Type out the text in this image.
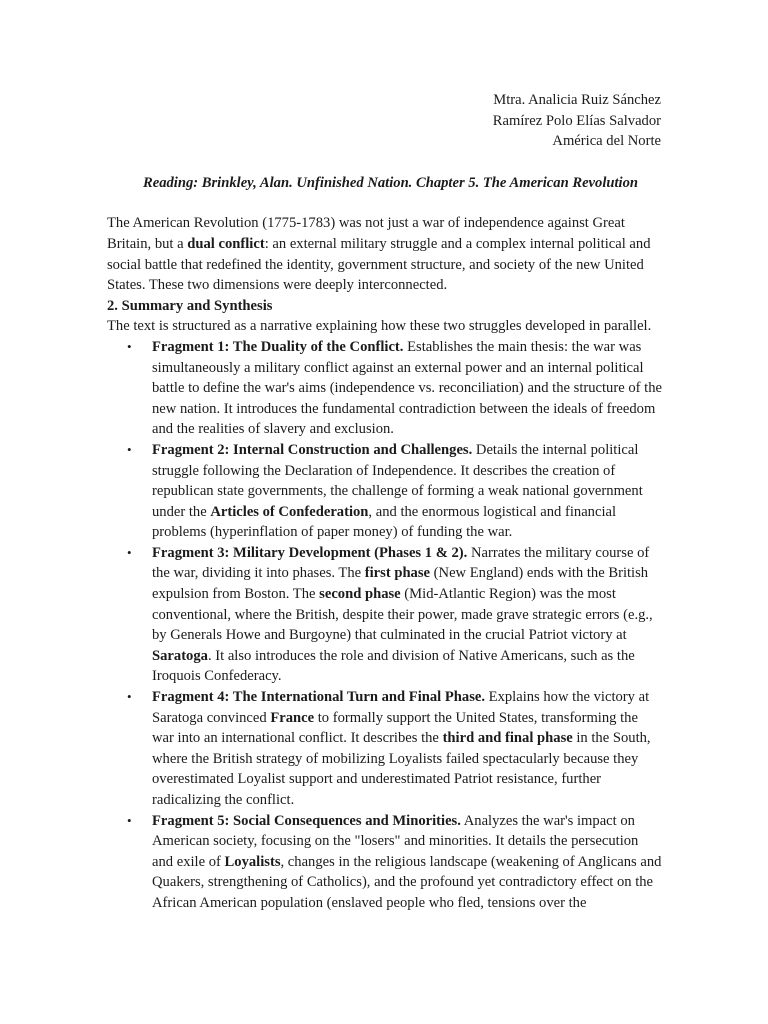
Mtra. Analicia Ruiz Sánchez
Ramírez Polo Elías Salvador
América del Norte
Reading: Brinkley, Alan. Unfinished Nation. Chapter 5. The American Revolution

The American Revolution (1775-1783) was not just a war of independence against Great Britain, but a dual conflict: an external military struggle and a complex internal political and social battle that redefined the identity, government structure, and society of the new United States. These two dimensions were deeply interconnected.

2. Summary and Synthesis

The text is structured as a narrative explaining how these two struggles developed in parallel.

• Fragment 1: The Duality of the Conflict. Establishes the main thesis: the war was simultaneously a military conflict against an external power and an internal political battle to define the war's aims (independence vs. reconciliation) and the structure of the new nation. It introduces the fundamental contradiction between the ideals of freedom and the realities of slavery and exclusion.
• Fragment 2: Internal Construction and Challenges. Details the internal political struggle following the Declaration of Independence. It describes the creation of republican state governments, the challenge of forming a weak national government under the Articles of Confederation, and the enormous logistical and financial problems (hyperinflation of paper money) of funding the war.
• Fragment 3: Military Development (Phases 1 & 2). Narrates the military course of the war, dividing it into phases. The first phase (New England) ends with the British expulsion from Boston. The second phase (Mid-Atlantic Region) was the most conventional, where the British, despite their power, made grave strategic errors (e.g., by Generals Howe and Burgoyne) that culminated in the crucial Patriot victory at Saratoga. It also introduces the role and division of Native Americans, such as the Iroquois Confederacy.
• Fragment 4: The International Turn and Final Phase. Explains how the victory at Saratoga convinced France to formally support the United States, transforming the war into an international conflict. It describes the third and final phase in the South, where the British strategy of mobilizing Loyalists failed spectacularly because they overestimated Loyalist support and underestimated Patriot resistance, further radicalizing the conflict.
• Fragment 5: Social Consequences and Minorities. Analyzes the war's impact on American society, focusing on the "losers" and minorities. It details the persecution and exile of Loyalists, changes in the religious landscape (weakening of Anglicans and Quakers, strengthening of Catholics), and the profound yet contradictory effect on the African American population (enslaved people who fled, tensions over the
